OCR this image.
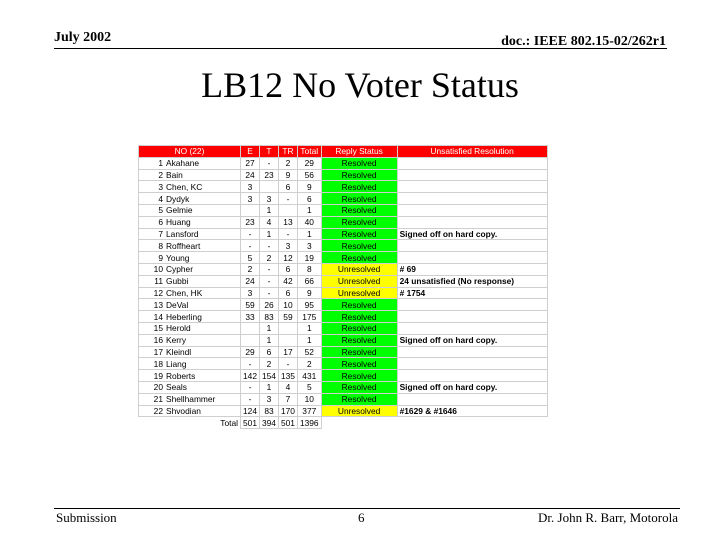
July 2002	doc.: IEEE 802.15-02/262r1
LB12 No Voter Status
NO (22)	E	T	TR	Total	Reply Status	Unsatisfied Resolution
1 Akahane	27	-	2	29	Resolved	
2 Bain	24	23	9	56	Resolved	
3 Chen, KC	3		6	9	Resolved	
4 Dydyk	3	3	-	6	Resolved	
5 Gelmie		1		1	Resolved	
6 Huang	23	4	13	40	Resolved	
7 Lansford	-	1	-	1	Resolved	Signed off on hard copy.
8 Roffheart	-	-	3	3	Resolved	
9 Young	5	2	12	19	Resolved	
10 Cypher	2	-	6	8	Unresolved	# 69
11 Gubbi	24	-	42	66	Unresolved	24 unsatisfied (No response)
12 Chen, HK	3	-	6	9	Unresolved	# 1754
13 DeVal	59	26	10	95	Resolved	
14 Heberling	33	83	59	175	Resolved	
15 Herold		1		1	Resolved	
16 Kerry		1		1	Resolved	Signed off on hard copy.
17 Kleindl	29	6	17	52	Resolved	
18 Liang	-	2	-	2	Resolved	
19 Roberts	142	154	135	431	Resolved	
20 Seals	-	1	4	5	Resolved	Signed off on hard copy.
21 Shellhammer	-	3	7	10	Resolved	
22 Shvodian	124	83	170	377	Unresolved	#1629 & #1646
Total	501	394	501	1396		
Submission	6	Dr. John R. Barr, Motorola
